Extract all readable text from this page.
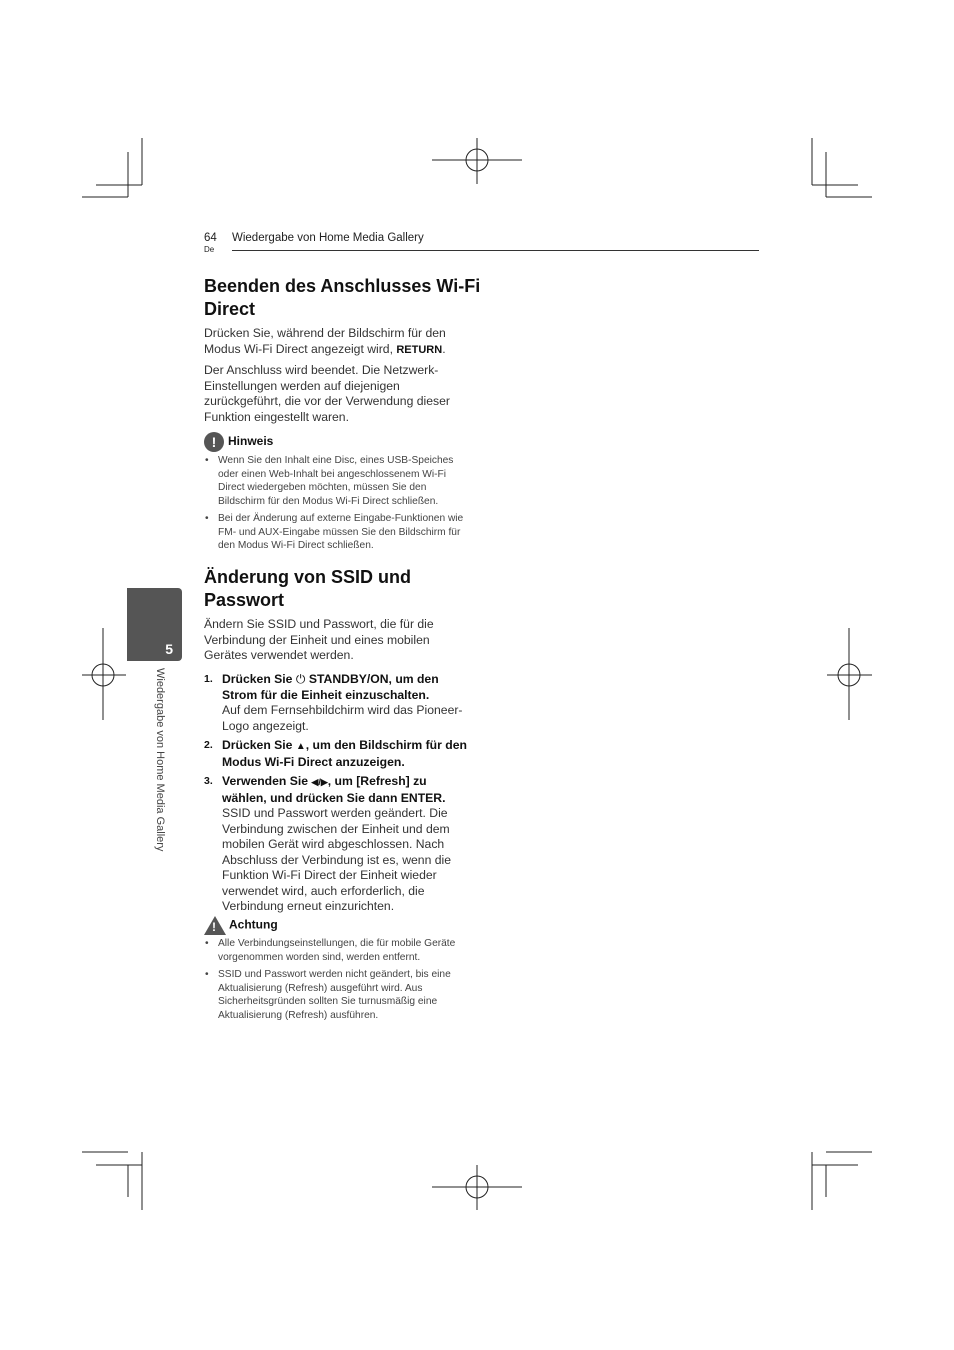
64
De
Wiedergabe von Home Media Gallery
5
Wiedergabe von Home Media Gallery
Beenden des Anschlusses Wi-Fi Direct

Drücken Sie, während der Bildschirm für den Modus Wi-Fi Direct angezeigt wird, RETURN.

Der Anschluss wird beendet. Die Netzwerk-Einstellungen werden auf diejenigen zurückgeführt, die vor der Verwendung dieser Funktion eingestellt waren.

! Hinweis
• Wenn Sie den Inhalt eine Disc, eines USB-Speiches oder einen Web-Inhalt bei angeschlossenem Wi-Fi Direct wiedergeben möchten, müssen Sie den Bildschirm für den Modus Wi-Fi Direct schließen.
• Bei der Änderung auf externe Eingabe-Funktionen wie FM- und AUX-Eingabe müssen Sie den Bildschirm für den Modus Wi-Fi Direct schließen.
Änderung von SSID und Passwort

Ändern Sie SSID und Passwort, die für die Verbindung der Einheit und eines mobilen Gerätes verwendet werden.

1. Drücken Sie ⏻ STANDBY/ON, um den Strom für die Einheit einzuschalten.
Auf dem Fernsehbildchirm wird das Pioneer-Logo angezeigt.
2. Drücken Sie ▲, um den Bildschirm für den Modus Wi-Fi Direct anzuzeigen.
3. Verwenden Sie ◀/▶, um [Refresh] zu wählen, und drücken Sie dann ENTER.
SSID und Passwort werden geändert. Die Verbindung zwischen der Einheit und dem mobilen Gerät wird abgeschlossen. Nach Abschluss der Verbindung ist es, wenn die Funktion Wi-Fi Direct der Einheit wieder verwendet wird, auch erforderlich, die Verbindung erneut einzurichten.
! Achtung
• Alle Verbindungseinstellungen, die für mobile Geräte vorgenommen worden sind, werden entfernt.
• SSID und Passwort werden nicht geändert, bis eine Aktualisierung (Refresh) ausgeführt wird. Aus Sicherheitsgründen sollten Sie turnusmäßig eine Aktualisierung (Refresh) ausführen.
